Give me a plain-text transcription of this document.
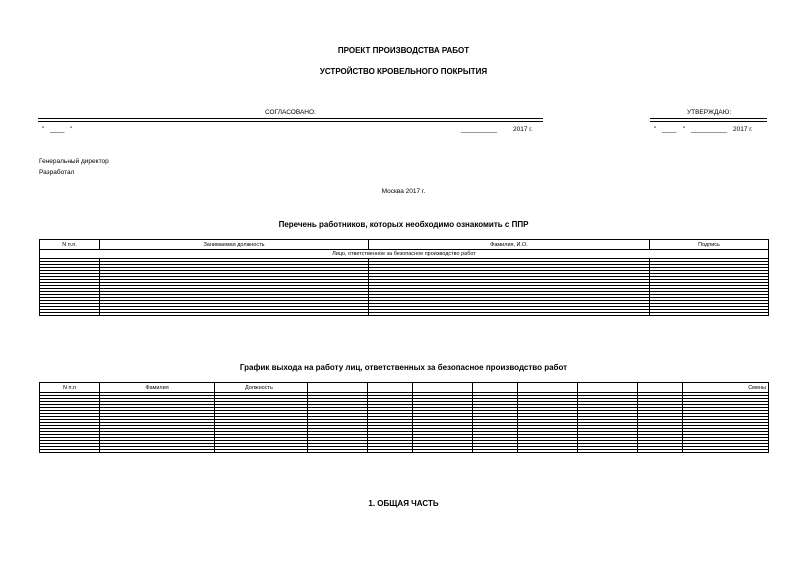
ПРОЕКТ ПРОИЗВОДСТВА РАБОТ
УСТРОЙСТВО КРОВЕЛЬНОГО ПОКРЫТИЯ
СОГЛАСОВАНО:	УТВЕРЖДАЮ:
" ____ "	__________ 2017 г.	" ____ " __________ 2017 г.
Генеральный директор
Разработал
Москва 2017 г.
Перечень работников, которых необходимо ознакомить с ППР
N п.п.	Занимаемая должность	Фамилия, И.О.	Подпись
Лицо, ответственное за безопасное производство работ			

График выхода на работу лиц, ответственных за безопасное производство работ
N п.п	Фамилия	Должность								Смены

1. ОБЩАЯ ЧАСТЬ
